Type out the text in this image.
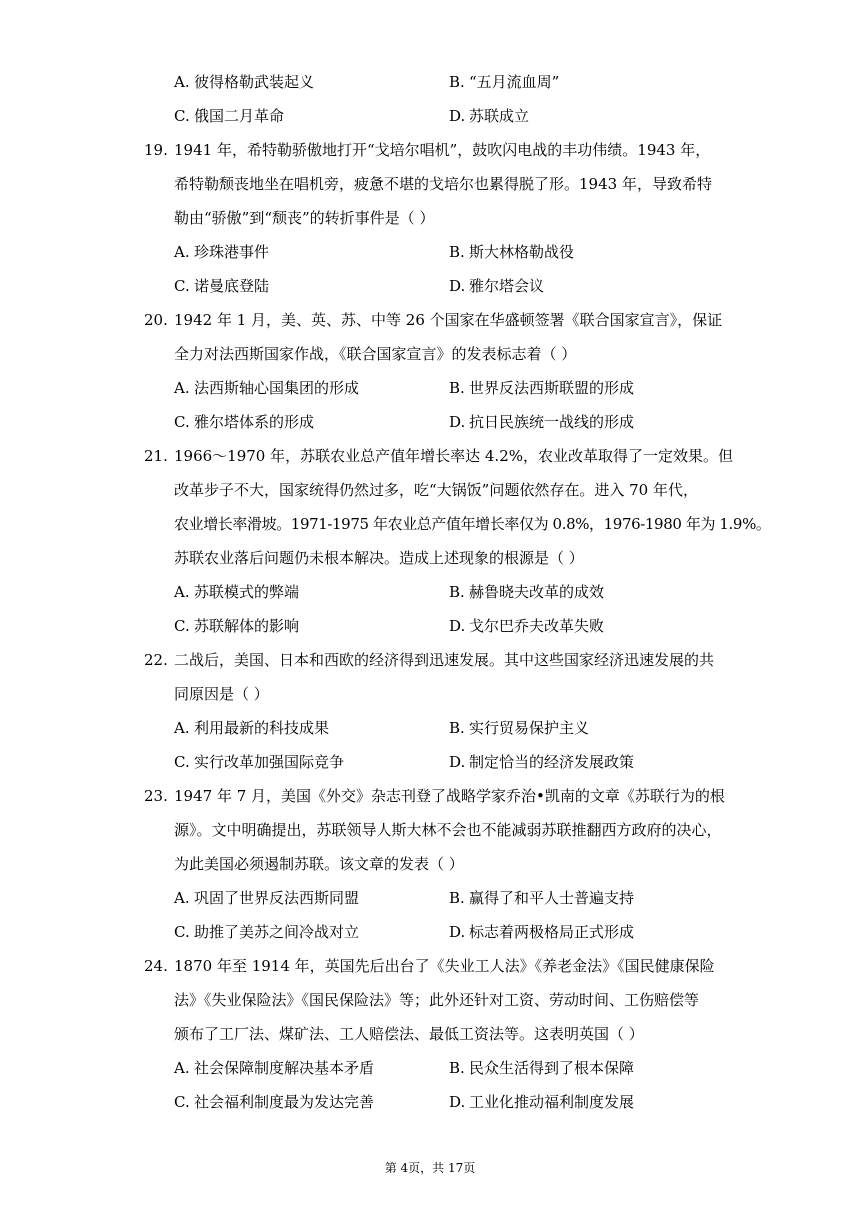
A. 彼得格勒武装起义	B. “五月流血周”
C. 俄国二月革命	D. 苏联成立
19. 1941 年，希特勒骄傲地打开“戈培尔唱机”，鼓吹闪电战的丰功伟绩。1943 年，
希特勒颓丧地坐在唱机旁，疲惫不堪的戈培尔也累得脱了形。1943 年，导致希特
勒由“骄傲”到“颓丧”的转折事件是（ ）
A. 珍珠港事件	B. 斯大林格勒战役
C. 诺曼底登陆	D. 雅尔塔会议
20. 1942 年 1 月，美、英、苏、中等 26 个国家在华盛顿签署《联合国家宣言》，保证
全力对法西斯国家作战，《联合国家宣言》的发表标志着（ ）
A. 法西斯轴心国集团的形成	B. 世界反法西斯联盟的形成
C. 雅尔塔体系的形成	D. 抗日民族统一战线的形成
21. 1966～1970 年，苏联农业总产值年增长率达 4.2%，农业改革取得了一定效果。但
改革步子不大，国家统得仍然过多，吃“大锅饭”问题依然存在。进入 70 年代，
农业增长率滑坡。1971-1975 年农业总产值年增长率仅为 0.8%，1976-1980 年为 1.9%。
苏联农业落后问题仍未根本解决。造成上述现象的根源是（ ）
A. 苏联模式的弊端	B. 赫鲁晓夫改革的成效
C. 苏联解体的影响	D. 戈尔巴乔夫改革失败
22. 二战后，美国、日本和西欧的经济得到迅速发展。其中这些国家经济迅速发展的共
同原因是（ ）
A. 利用最新的科技成果	B. 实行贸易保护主义
C. 实行改革加强国际竞争	D. 制定恰当的经济发展政策
23. 1947 年 7 月，美国《外交》杂志刊登了战略学家乔治•凯南的文章《苏联行为的根
源》。文中明确提出，苏联领导人斯大林不会也不能减弱苏联推翻西方政府的决心，
为此美国必须遏制苏联。该文章的发表（ ）
A. 巩固了世界反法西斯同盟	B. 赢得了和平人士普遍支持
C. 助推了美苏之间冷战对立	D. 标志着两极格局正式形成
24. 1870 年至 1914 年，英国先后出台了《失业工人法》《养老金法》《国民健康保险
法》《失业保险法》《国民保险法》等；此外还针对工资、劳动时间、工伤赔偿等
颁布了工厂法、煤矿法、工人赔偿法、最低工资法等。这表明英国（ ）
A. 社会保障制度解决基本矛盾	B. 民众生活得到了根本保障
C. 社会福利制度最为发达完善	D. 工业化推动福利制度发展
第 4页，共 17页
